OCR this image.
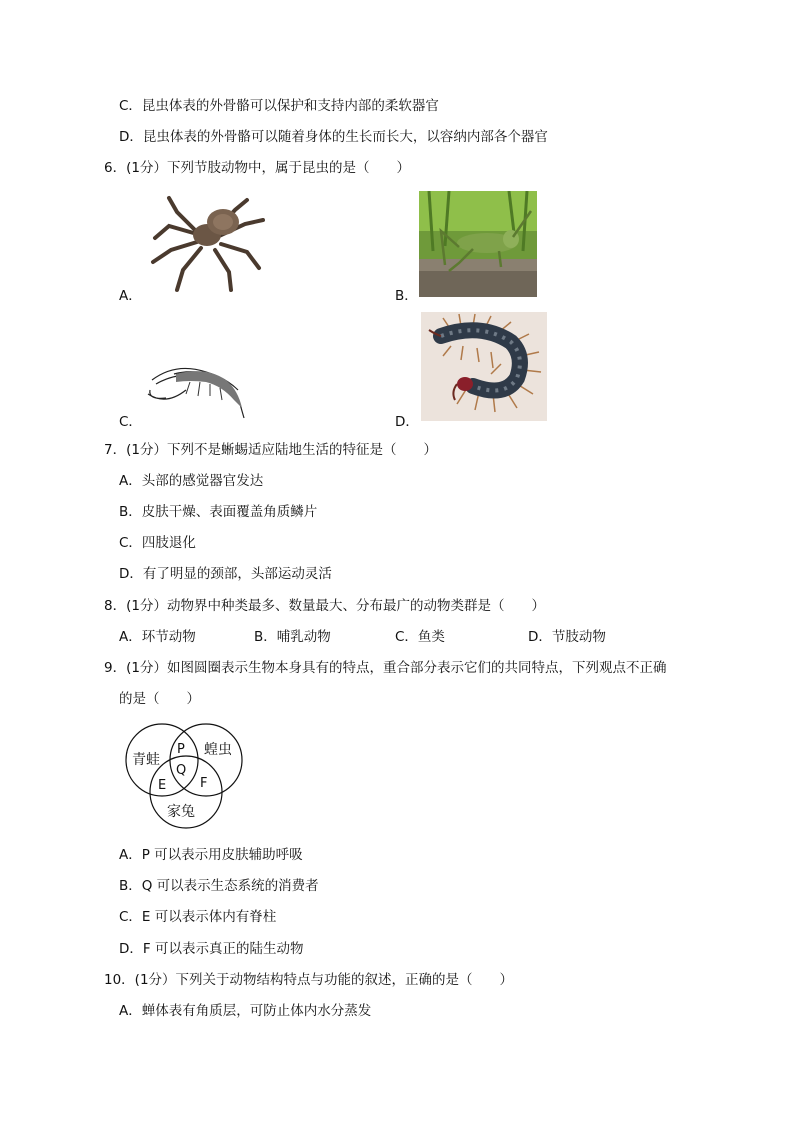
C．昆虫体表的外骨骼可以保护和支持内部的柔软器官
D．昆虫体表的外骨骼可以随着身体的生长而长大，以容纳内部各个器官
6．(1分）下列节肢动物中，属于昆虫的是（　　）
A．	B．
C．	D．
7．(1分）下列不是蜥蜴适应陆地生活的特征是（　　）
A．头部的感觉器官发达
B．皮肤干燥、表面覆盖角质鳞片
C．四肢退化
D．有了明显的颈部，头部运动灵活
8．(1分）动物界中种类最多、数量最大、分布最广的动物类群是（　　）
A．环节动物	B．哺乳动物	C．鱼类	D．节肢动物
9．(1分）如图圆圈表示生物本身具有的特点，重合部分表示它们的共同特点，下列观点不正确
的是（　　）
青蛙
蝗虫
家兔
P
Q
E	F
A．P 可以表示用皮肤辅助呼吸
B．Q 可以表示生态系统的消费者
C．E 可以表示体内有脊柱
D．F 可以表示真正的陆生动物
10．(1分）下列关于动物结构特点与功能的叙述，正确的是（　　）
A．蝉体表有角质层，可防止体内水分蒸发
